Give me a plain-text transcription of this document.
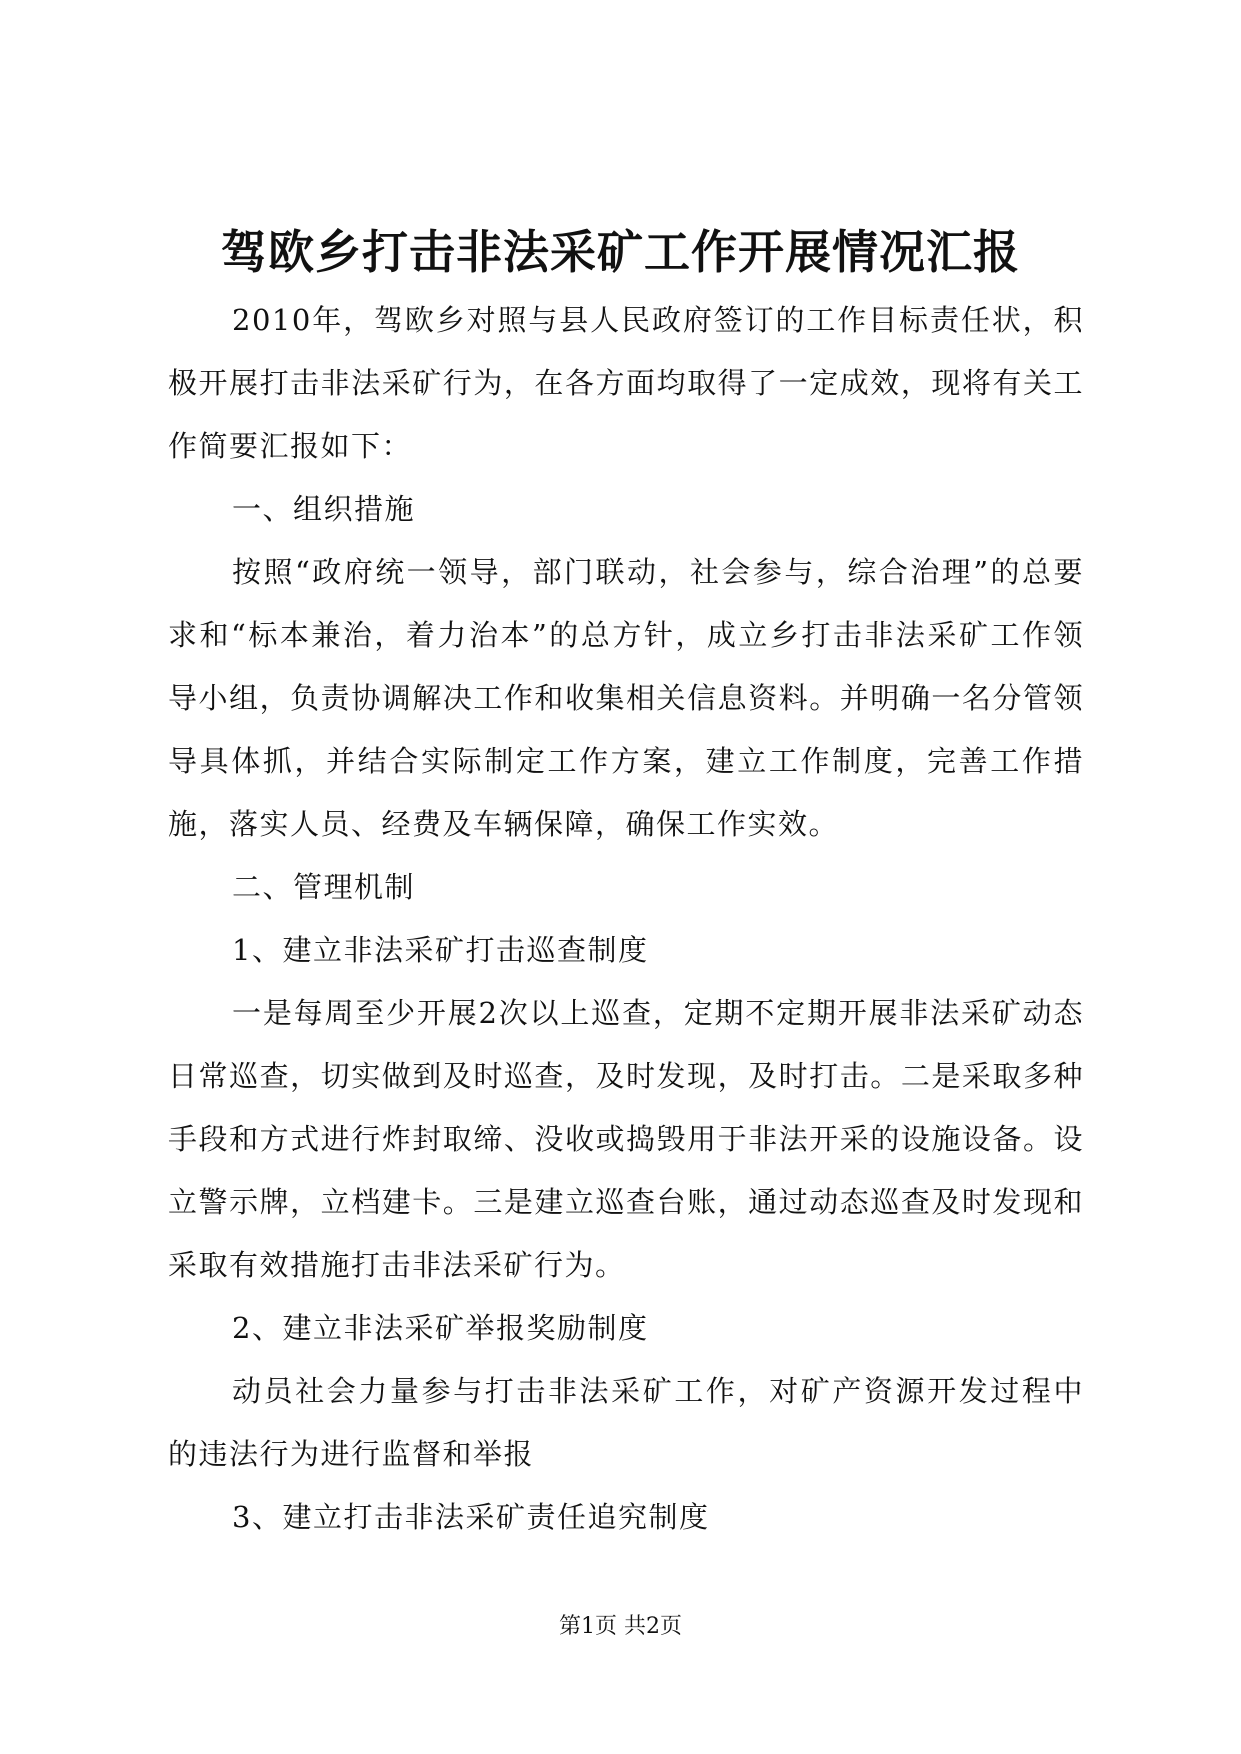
驾欧乡打击非法采矿工作开展情况汇报

2010年，驾欧乡对照与县人民政府签订的工作目标责任状，积极开展打击非法采矿行为，在各方面均取得了一定成效，现将有关工作简要汇报如下：

一、组织措施

按照“政府统一领导，部门联动，社会参与，综合治理”的总要求和“标本兼治，着力治本”的总方针，成立乡打击非法采矿工作领导小组，负责协调解决工作和收集相关信息资料。并明确一名分管领导具体抓，并结合实际制定工作方案，建立工作制度，完善工作措施，落实人员、经费及车辆保障，确保工作实效。

二、管理机制

1、建立非法采矿打击巡查制度

一是每周至少开展2次以上巡查，定期不定期开展非法采矿动态日常巡查，切实做到及时巡查，及时发现，及时打击。二是采取多种手段和方式进行炸封取缔、没收或捣毁用于非法开采的设施设备。设立警示牌，立档建卡。三是建立巡查台账，通过动态巡查及时发现和采取有效措施打击非法采矿行为。

2、建立非法采矿举报奖励制度

动员社会力量参与打击非法采矿工作，对矿产资源开发过程中的违法行为进行监督和举报

3、建立打击非法采矿责任追究制度

第1页 共2页
